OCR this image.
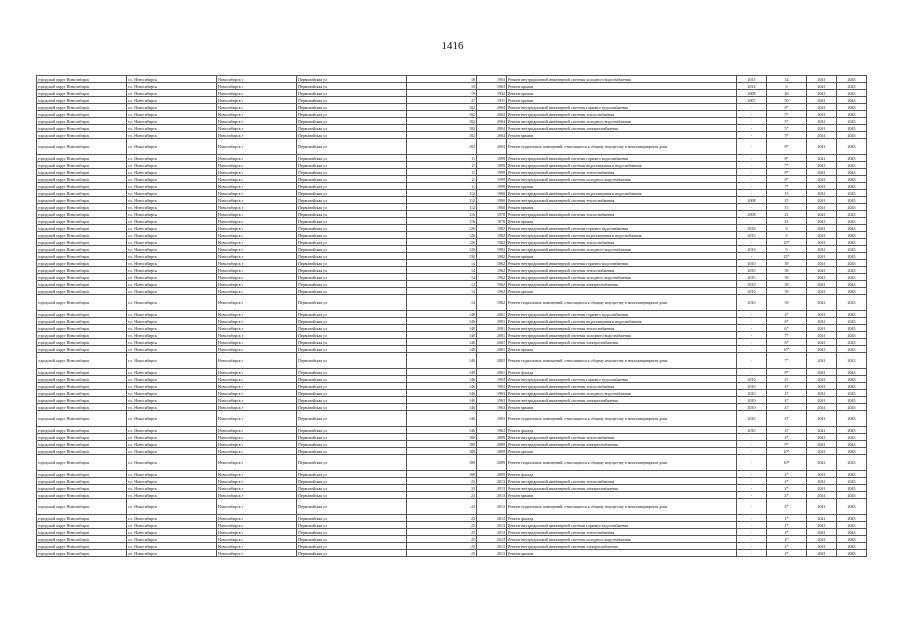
1416
городской округ Новосибирск	г.о. Новосибирск	Новосибирск г	Первомайская ул	10	1963	Ремонт внутридомовой инженерной системы холодного водоснабжения	2013	32	2041	2043
городской округ Новосибирск	г.о. Новосибирск	Новосибирск г	Первомайская ул	10	1963	Ремонт крыши	2014	0	2041	2043
городской округ Новосибирск	г.о. Новосибирск	Новосибирск г	Первомайская ул	19	1932	Ремонт крыши	2008	46	2041	2043
городской округ Новосибирск	г.о. Новосибирск	Новосибирск г	Первомайская ул	21	1931	Ремонт крыши	2007	50	2041	2043
городской округ Новосибирск	г.о. Новосибирск	Новосибирск г	Первомайская ул	102	2004	Ремонт внутридомовой инженерной системы горячего водоснабжения	-	8*	2041	2043
городской округ Новосибирск	г.о. Новосибирск	Новосибирск г	Первомайская ул	102	2004	Ремонт внутридомовой инженерной системы теплоснабжения	-	5*	2041	2043
городской округ Новосибирск	г.о. Новосибирск	Новосибирск г	Первомайская ул	102	2004	Ремонт внутридомовой инженерной системы холодного водоснабжения	-	5*	2041	2043
городской округ Новосибирск	г.о. Новосибирск	Новосибирск г	Первомайская ул	102	2004	Ремонт внутридомовой инженерной системы электроснабжения	-	5*	2041	2043
городской округ Новосибирск	г.о. Новосибирск	Новосибирск г	Первомайская ул	102	2004	Ремонт крыши	-	5*	2041	2043
городской округ Новосибирск	г.о. Новосибирск	Новосибирск г	Первомайская ул	102	2004	Ремонт подвальных помещений, относящихся к общему имуществу в многоквартирном доме	-	8*	2041	2043
городской округ Новосибирск	г.о. Новосибирск	Новосибирск г	Первомайская ул	11	1999	Ремонт внутридомовой инженерной системы горячего водоснабжения	-	8*	2041	2043
городской округ Новосибирск	г.о. Новосибирск	Новосибирск г	Первомайская ул	11	1999	Ремонт внутридомовой инженерной системы водоотведения и водоснабжения	-	7*	2041	2043
городской округ Новосибирск	г.о. Новосибирск	Новосибирск г	Первомайская ул	11	1999	Ремонт внутридомовой инженерной системы теплоснабжения	-	8*	2041	2043
городской округ Новосибирск	г.о. Новосибирск	Новосибирск г	Первомайская ул	11	1999	Ремонт внутридомовой инженерной системы холодного водоснабжения	-	8*	2041	2043
городской округ Новосибирск	г.о. Новосибирск	Новосибирск г	Первомайская ул	11	1999	Ремонт крыши	-	7*	2041	2043
городской округ Новосибирск	г.о. Новосибирск	Новосибирск г	Первомайская ул	112	1960	Ремонт внутридомовой инженерной системы водоотведения и водоснабжения	-	13	2041	2043
городской округ Новосибирск	г.о. Новосибирск	Новосибирск г	Первомайская ул	112	1960	Ремонт внутридомовой инженерной системы теплоснабжения	2008	15	2041	2043
городской округ Новосибирск	г.о. Новосибирск	Новосибирск г	Первомайская ул	112	1960	Ремонт крыши	-	15	2041	2043
городской округ Новосибирск	г.о. Новосибирск	Новосибирск г	Первомайская ул	116	1978	Ремонт внутридомовой инженерной системы теплоснабжения	2008	21	2041	2043
городской округ Новосибирск	г.о. Новосибирск	Новосибирск г	Первомайская ул	116	1978	Ремонт крыши	-	21	2041	2043
городской округ Новосибирск	г.о. Новосибирск	Новосибирск г	Первомайская ул	126	1982	Ремонт внутридомовой инженерной системы горячего водоснабжения	2016	0	2041	2043
городской округ Новосибирск	г.о. Новосибирск	Новосибирск г	Первомайская ул	126	1982	Ремонт внутридомовой инженерной системы водоотведения и водоснабжения	2015	0	2041	2043
городской округ Новосибирск	г.о. Новосибирск	Новосибирск г	Первомайская ул	126	1982	Ремонт внутридомовой инженерной системы теплоснабжения	-	25*	2041	2043
городской округ Новосибирск	г.о. Новосибирск	Новосибирск г	Первомайская ул	126	1982	Ремонт внутридомовой инженерной системы холодного водоснабжения	2016	0	2041	2043
городской округ Новосибирск	г.о. Новосибирск	Новосибирск г	Первомайская ул	130	1982	Ремонт крыши	-	25*	2041	2043
городской округ Новосибирск	г.о. Новосибирск	Новосибирск г	Первомайская ул	14	1962	Ремонт внутридомовой инженерной системы горячего водоснабжения	2010	39	2041	2043
городской округ Новосибирск	г.о. Новосибирск	Новосибирск г	Первомайская ул	14	1962	Ремонт внутридомовой инженерной системы теплоснабжения	2010	39	2041	2043
городской округ Новосибирск	г.о. Новосибирск	Новосибирск г	Первомайская ул	14	1962	Ремонт внутридомовой инженерной системы холодного водоснабжения	2010	39	2041	2043
городской округ Новосибирск	г.о. Новосибирск	Новосибирск г	Первомайская ул	14	1962	Ремонт внутридомовой инженерной системы электроснабжения	2010	39	2041	2043
городской округ Новосибирск	г.о. Новосибирск	Новосибирск г	Первомайская ул	14	1962	Ремонт крыши	2010	39	2041	2043
городской округ Новосибирск	г.о. Новосибирск	Новосибирск г	Первомайская ул	14	1962	Ремонт подвальных помещений, относящихся к общему имуществу в многоквартирном доме	2010	39	2041	2043
городской округ Новосибирск	г.о. Новосибирск	Новосибирск г	Первомайская ул	140	2001	Ремонт внутридомовой инженерной системы горячего водоснабжения	-	4*	2041	2043
городской округ Новосибирск	г.о. Новосибирск	Новосибирск г	Первомайская ул	140	2001	Ремонт внутридомовой инженерной системы водоотведения и водоснабжения	-	6*	2041	2043
городской округ Новосибирск	г.о. Новосибирск	Новосибирск г	Первомайская ул	140	2001	Ремонт внутридомовой инженерной системы теплоснабжения	-	6*	2041	2043
городской округ Новосибирск	г.о. Новосибирск	Новосибирск г	Первомайская ул	140	2001	Ремонт внутридомовой инженерной системы холодного водоснабжения	-	7*	2041	2043
городской округ Новосибирск	г.о. Новосибирск	Новосибирск г	Первомайская ул	140	2001	Ремонт внутридомовой инженерной системы электроснабжения	-	6*	2041	2043
городской округ Новосибирск	г.о. Новосибирск	Новосибирск г	Первомайская ул	140	2001	Ремонт крыши	-	10*	2041	2043
городской округ Новосибирск	г.о. Новосибирск	Новосибирск г	Первомайская ул	140	2001	Ремонт подвальных помещений, относящихся к общему имуществу в многоквартирном доме	-	7*	2041	2043
городской округ Новосибирск	г.о. Новосибирск	Новосибирск г	Первомайская ул	140	2001	Ремонт фасада	-	8*	2041	2043
городской округ Новосибирск	г.о. Новосибирск	Новосибирск г	Первомайская ул	146	1963	Ремонт внутридомовой инженерной системы горячего водоснабжения	2010	47	2041	2043
городской округ Новосибирск	г.о. Новосибирск	Новосибирск г	Первомайская ул	146	1963	Ремонт внутридомовой инженерной системы теплоснабжения	2010	47	2041	2043
городской округ Новосибирск	г.о. Новосибирск	Новосибирск г	Первомайская ул	146	1963	Ремонт внутридомовой инженерной системы холодного водоснабжения	2010	47	2041	2043
городской округ Новосибирск	г.о. Новосибирск	Новосибирск г	Первомайская ул	146	1963	Ремонт внутридомовой инженерной системы электроснабжения	2010	47	2041	2043
городской округ Новосибирск	г.о. Новосибирск	Новосибирск г	Первомайская ул	146	1963	Ремонт крыши	2010	47	2041	2043
городской округ Новосибирск	г.о. Новосибирск	Новосибирск г	Первомайская ул	146	1963	Ремонт подвальных помещений, относящихся к общему имуществу в многоквартирном доме	2010	47	2041	2043
городской округ Новосибирск	г.о. Новосибирск	Новосибирск г	Первомайская ул	146	1963	Ремонт фасада	2010	47	2041	2043
городской округ Новосибирск	г.о. Новосибирск	Новосибирск г	Первомайская ул	180	2009	Ремонт внутридомовой инженерной системы теплоснабжения	-	4*	2041	2043
городской округ Новосибирск	г.о. Новосибирск	Новосибирск г	Первомайская ул	180	2009	Ремонт внутридомовой инженерной системы электроснабжения	-	9*	2041	2043
городской округ Новосибирск	г.о. Новосибирск	Новосибирск г	Первомайская ул	180	2009	Ремонт крыши	-	10*	2041	2043
городской округ Новосибирск	г.о. Новосибирск	Новосибирск г	Первомайская ул	180	2009	Ремонт подвальных помещений, относящихся к общему имуществу в многоквартирном доме	-	10*	2041	2043
городской округ Новосибирск	г.о. Новосибирск	Новосибирск г	Первомайская ул	180	2009	Ремонт фасада	-	2*	2041	2043
городской округ Новосибирск	г.о. Новосибирск	Новосибирск г	Первомайская ул	23	2013	Ремонт внутридомовой инженерной системы теплоснабжения	-	2*	2041	2043
городской округ Новосибирск	г.о. Новосибирск	Новосибирск г	Первомайская ул	23	2013	Ремонт внутридомовой инженерной системы электроснабжения	-	2*	2041	2043
городской округ Новосибирск	г.о. Новосибирск	Новосибирск г	Первомайская ул	23	2013	Ремонт крыши	-	2*	2041	2043
городской округ Новосибирск	г.о. Новосибирск	Новосибирск г	Первомайская ул	23	2013	Ремонт подвальных помещений, относящихся к общему имуществу в многоквартирном доме	-	2*	2041	2043
городской округ Новосибирск	г.о. Новосибирск	Новосибирск г	Первомайская ул	23	2013	Ремонт фасада	-	1*	2041	2043
городской округ Новосибирск	г.о. Новосибирск	Новосибирск г	Первомайская ул	25	2013	Ремонт внутридомовой инженерной системы горячего водоснабжения	-	1*	2041	2043
городской округ Новосибирск	г.о. Новосибирск	Новосибирск г	Первомайская ул	25	2013	Ремонт внутридомовой инженерной системы теплоснабжения	-	2*	2041	2043
городской округ Новосибирск	г.о. Новосибирск	Новосибирск г	Первомайская ул	25	2013	Ремонт внутридомовой инженерной системы холодного водоснабжения	-	2*	2041	2043
городской округ Новосибирск	г.о. Новосибирск	Новосибирск г	Первомайская ул	25	2013	Ремонт внутридомовой инженерной системы электроснабжения	-	2*	2041	2043
городской округ Новосибирск	г.о. Новосибирск	Новосибирск г	Первомайская ул	25	2013	Ремонт крыши	-	2*	2041	2043
